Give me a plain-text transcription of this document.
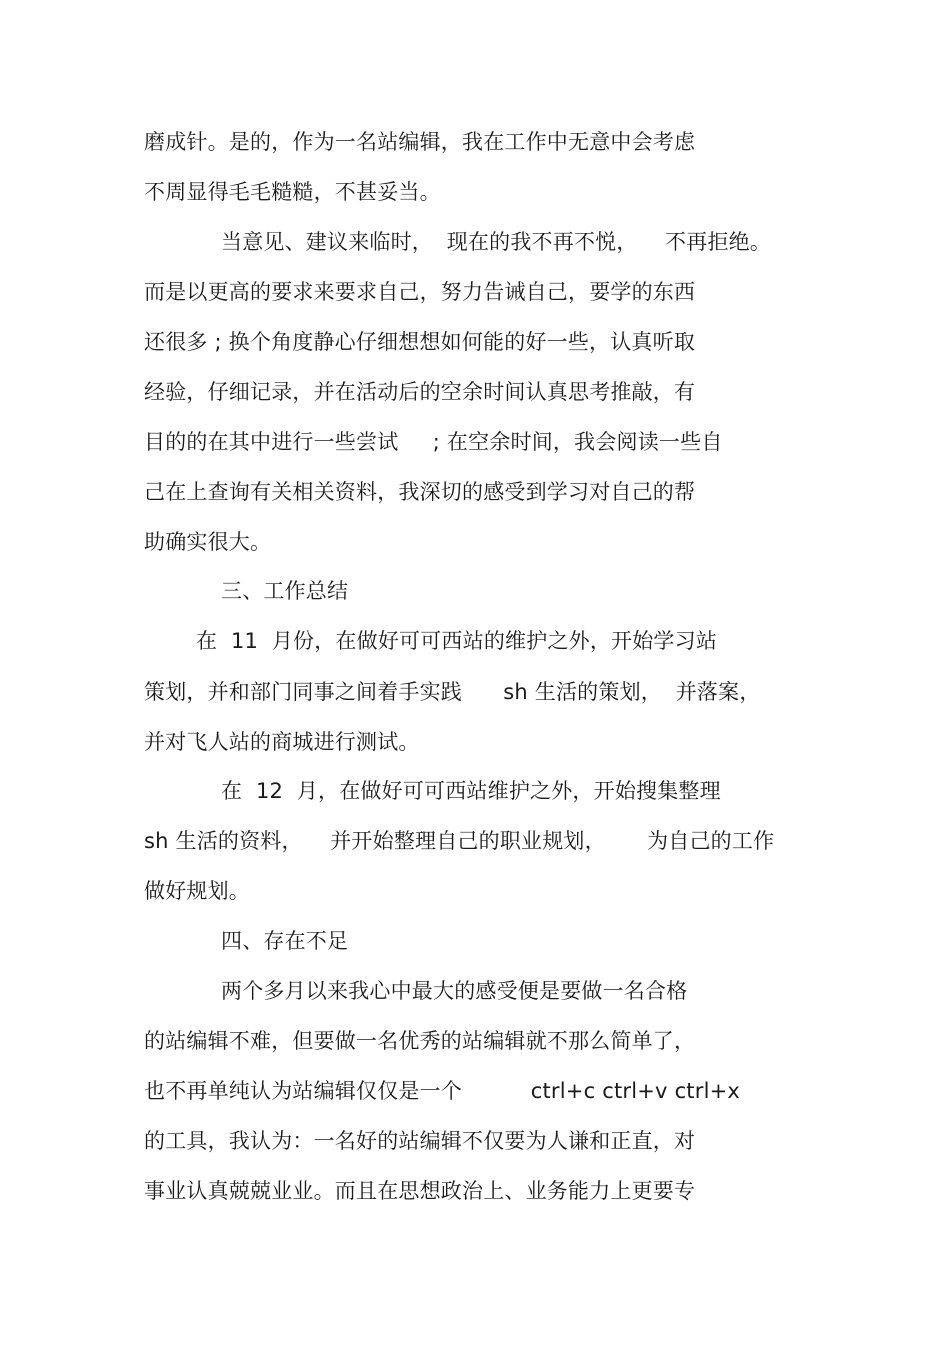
磨成针。是的，作为一名站编辑，我在工作中无意中会考虑
不周显得毛毛糙糙，不甚妥当。
当意见、建议来临时，  现在的我不再不悦，    不再拒绝。
而是以更高的要求来要求自己，努力告诫自己，要学的东西
还很多 ; 换个角度静心仔细想想如何能的好一些，认真听取
经验，仔细记录，并在活动后的空余时间认真思考推敲，有
目的的在其中进行一些尝试     ; 在空余时间，我会阅读一些自
己在上查询有关相关资料，我深切的感受到学习对自己的帮
助确实很大。
三、工作总结
在  11  月份，在做好可可西站的维护之外，开始学习站
策划，并和部门同事之间着手实践      sh 生活的策划，  并落案，
并对飞人站的商城进行测试。
在  12  月，在做好可可西站维护之外，开始搜集整理
sh 生活的资料，    并开始整理自己的职业规划，      为自己的工作
做好规划。
四、存在不足
两个多月以来我心中最大的感受便是要做一名合格
的站编辑不难，但要做一名优秀的站编辑就不那么简单了，
也不再单纯认为站编辑仅仅是一个          ctrl+c ctrl+v ctrl+x
的工具，我认为：一名好的站编辑不仅要为人谦和正直，对
事业认真兢兢业业。而且在思想政治上、业务能力上更要专
